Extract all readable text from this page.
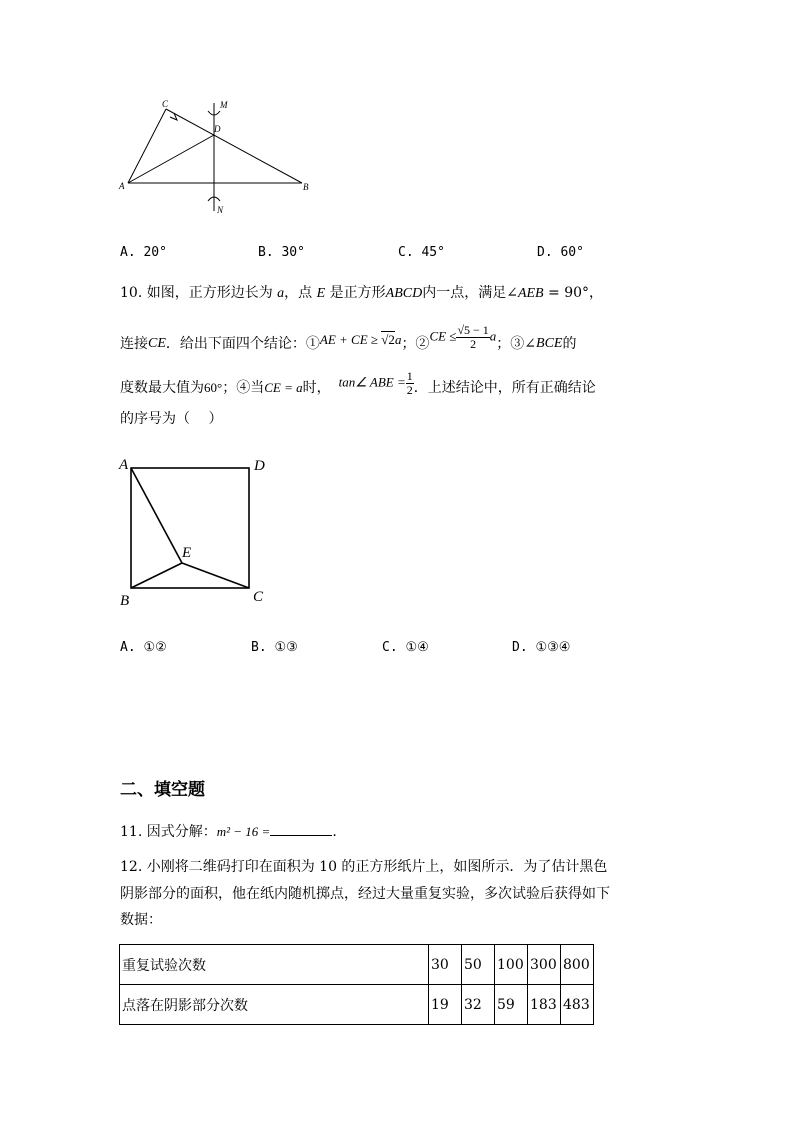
C	M
D
A	B
N
A. 20°	B. 30°	C. 45°	D. 60°
10. 如图，正方形边长为 a，点 E 是正方形ABCD内一点，满足∠AEB = 90°，
连接 CE ．给出下面四个结论：① AE + CE ≥ √2a ；②
CE ≤ $\frac{√5 - 1}{2}$ a
；③∠ BCE 的
度数最大值为 60° ；④当 CE = a 时， tan∠ ABE = $\frac{1}{2}$ ．上述结论中，所有正确结论
的序号为（　 ）
A	D
E
B	C
A. ①②	B. ①③	C. ①④	D. ①③④
二、填空题
11. 因式分解：m² − 16 =	.
12. 小刚将二维码打印在面积为 10 的正方形纸片上，如图所示．为了估计黑色
阴影部分的面积，他在纸内随机掷点，经过大量重复实验，多次试验后获得如下
数据：
重复试验次数	30	50	100	300	800
点落在阴影部分次数	19	32	59	183	483
